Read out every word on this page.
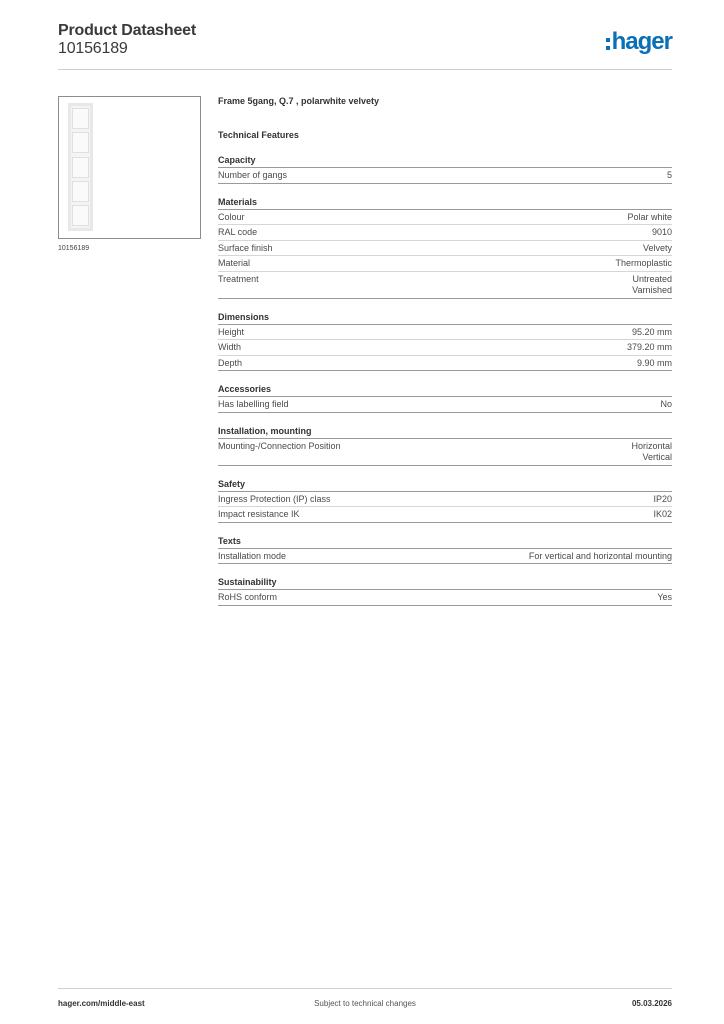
Product Datasheet
10156189	hager
10156189
Frame 5gang, Q.7 , polarwhite velvety
Technical Features
Capacity
Number of gangs	5
Materials
Colour	Polar white
RAL code	9010
Surface finish	Velvety
Material	Thermoplastic
Treatment	Untreated
Varnished
Dimensions
Height	95.20 mm
Width	379.20 mm
Depth	9.90 mm
Accessories
Has labelling field	No
Installation, mounting
Mounting-/Connection Position	Horizontal
Vertical
Safety
Ingress Protection (IP) class	IP20
Impact resistance IK	IK02
Texts
Installation mode	For vertical and horizontal mounting
Sustainability
RoHS conform	Yes
hager.com/middle-east	Subject to technical changes	05.03.2026
